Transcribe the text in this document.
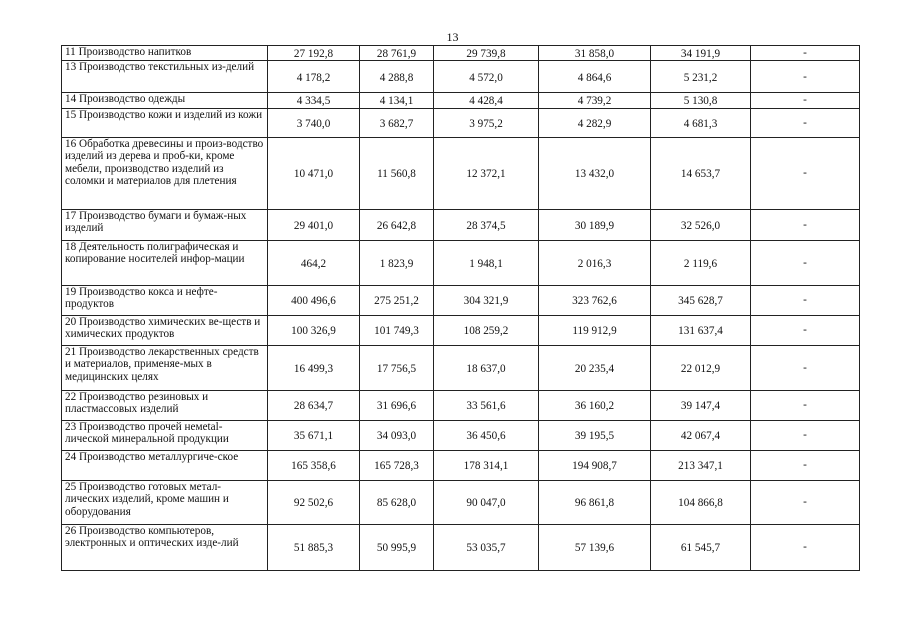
13
11 Производство напитков	27 192,8	28 761,9	29 739,8	31 858,0	34 191,9	-
13 Производство текстильных из-делий	4 178,2	4 288,8	4 572,0	4 864,6	5 231,2	-
14 Производство одежды	4 334,5	4 134,1	4 428,4	4 739,2	5 130,8	-
15 Производство кожи и изделий из кожи	3 740,0	3 682,7	3 975,2	4 282,9	4 681,3	-
16 Обработка древесины и произ-водство изделий из дерева и проб-ки, кроме мебели, производство изделий из соломки и материалов для плетения	10 471,0	11 560,8	12 372,1	13 432,0	14 653,7	-
17 Производство бумаги и бумаж-ных изделий	29 401,0	26 642,8	28 374,5	30 189,9	32 526,0	-
18 Деятельность полиграфическая и копирование носителей инфор-мации	464,2	1 823,9	1 948,1	2 016,3	2 119,6	-
19 Производство кокса и нефте-продуктов	400 496,6	275 251,2	304 321,9	323 762,6	345 628,7	-
20 Производство химических ве-ществ и химических продуктов	100 326,9	101 749,3	108 259,2	119 912,9	131 637,4	-
21 Производство лекарственных средств и материалов, применяе-мых в медицинских целях	16 499,3	17 756,5	18 637,0	20 235,4	22 012,9	-
22 Производство резиновых и пластмассовых изделий	28 634,7	31 696,6	33 561,6	36 160,2	39 147,4	-
23 Производство прочей немetal-лической минеральной продукции	35 671,1	34 093,0	36 450,6	39 195,5	42 067,4	-
24 Производство металлургиче-ское	165 358,6	165 728,3	178 314,1	194 908,7	213 347,1	-
25 Производство готовых метал-лических изделий, кроме машин и оборудования	92 502,6	85 628,0	90 047,0	96 861,8	104 866,8	-
26 Производство компьютеров, электронных и оптических изде-лий	51 885,3	50 995,9	53 035,7	57 139,6	61 545,7	-
